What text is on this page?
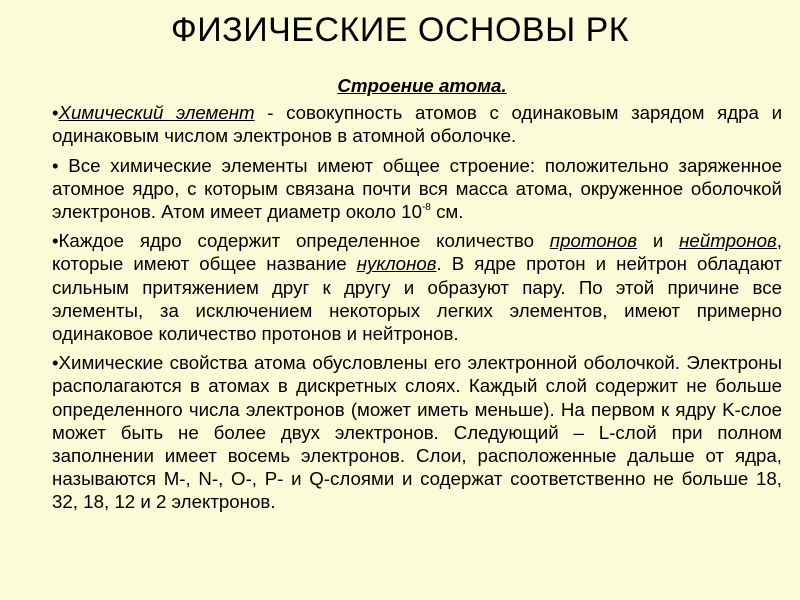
ФИЗИЧЕСКИЕ ОСНОВЫ РК
Строение атома.
•Химический элемент - совокупность атомов с одинаковым зарядом ядра и одинаковым числом электронов в атомной оболочке.
• Все химические элементы имеют общее строение: положительно заряженное атомное ядро, с которым связана почти вся масса атома, окруженное оболочкой электронов. Атом имеет диаметр около $10^{-8}$ см.
•Каждое ядро содержит определенное количество протонов и нейтронов, которые имеют общее название нуклонов. В ядре протон и нейтрон обладают сильным притяжением друг к другу и образуют пару. По этой причине все элементы, за исключением некоторых легких элементов, имеют примерно одинаковое количество протонов и нейтронов.
•Химические свойства атома обусловлены его электронной оболочкой. Электроны располагаются в атомах в дискретных слоях. Каждый слой содержит не больше определенного числа электронов (может иметь меньше). На первом к ядру K-слое может быть не более двух электронов. Следующий – L-слой при полном заполнении имеет восемь электронов. Слои, расположенные дальше от ядра, называются M-, N-, O-, P- и Q-слоями и содержат соответственно не больше 18, 32, 18, 12 и 2 электронов.
